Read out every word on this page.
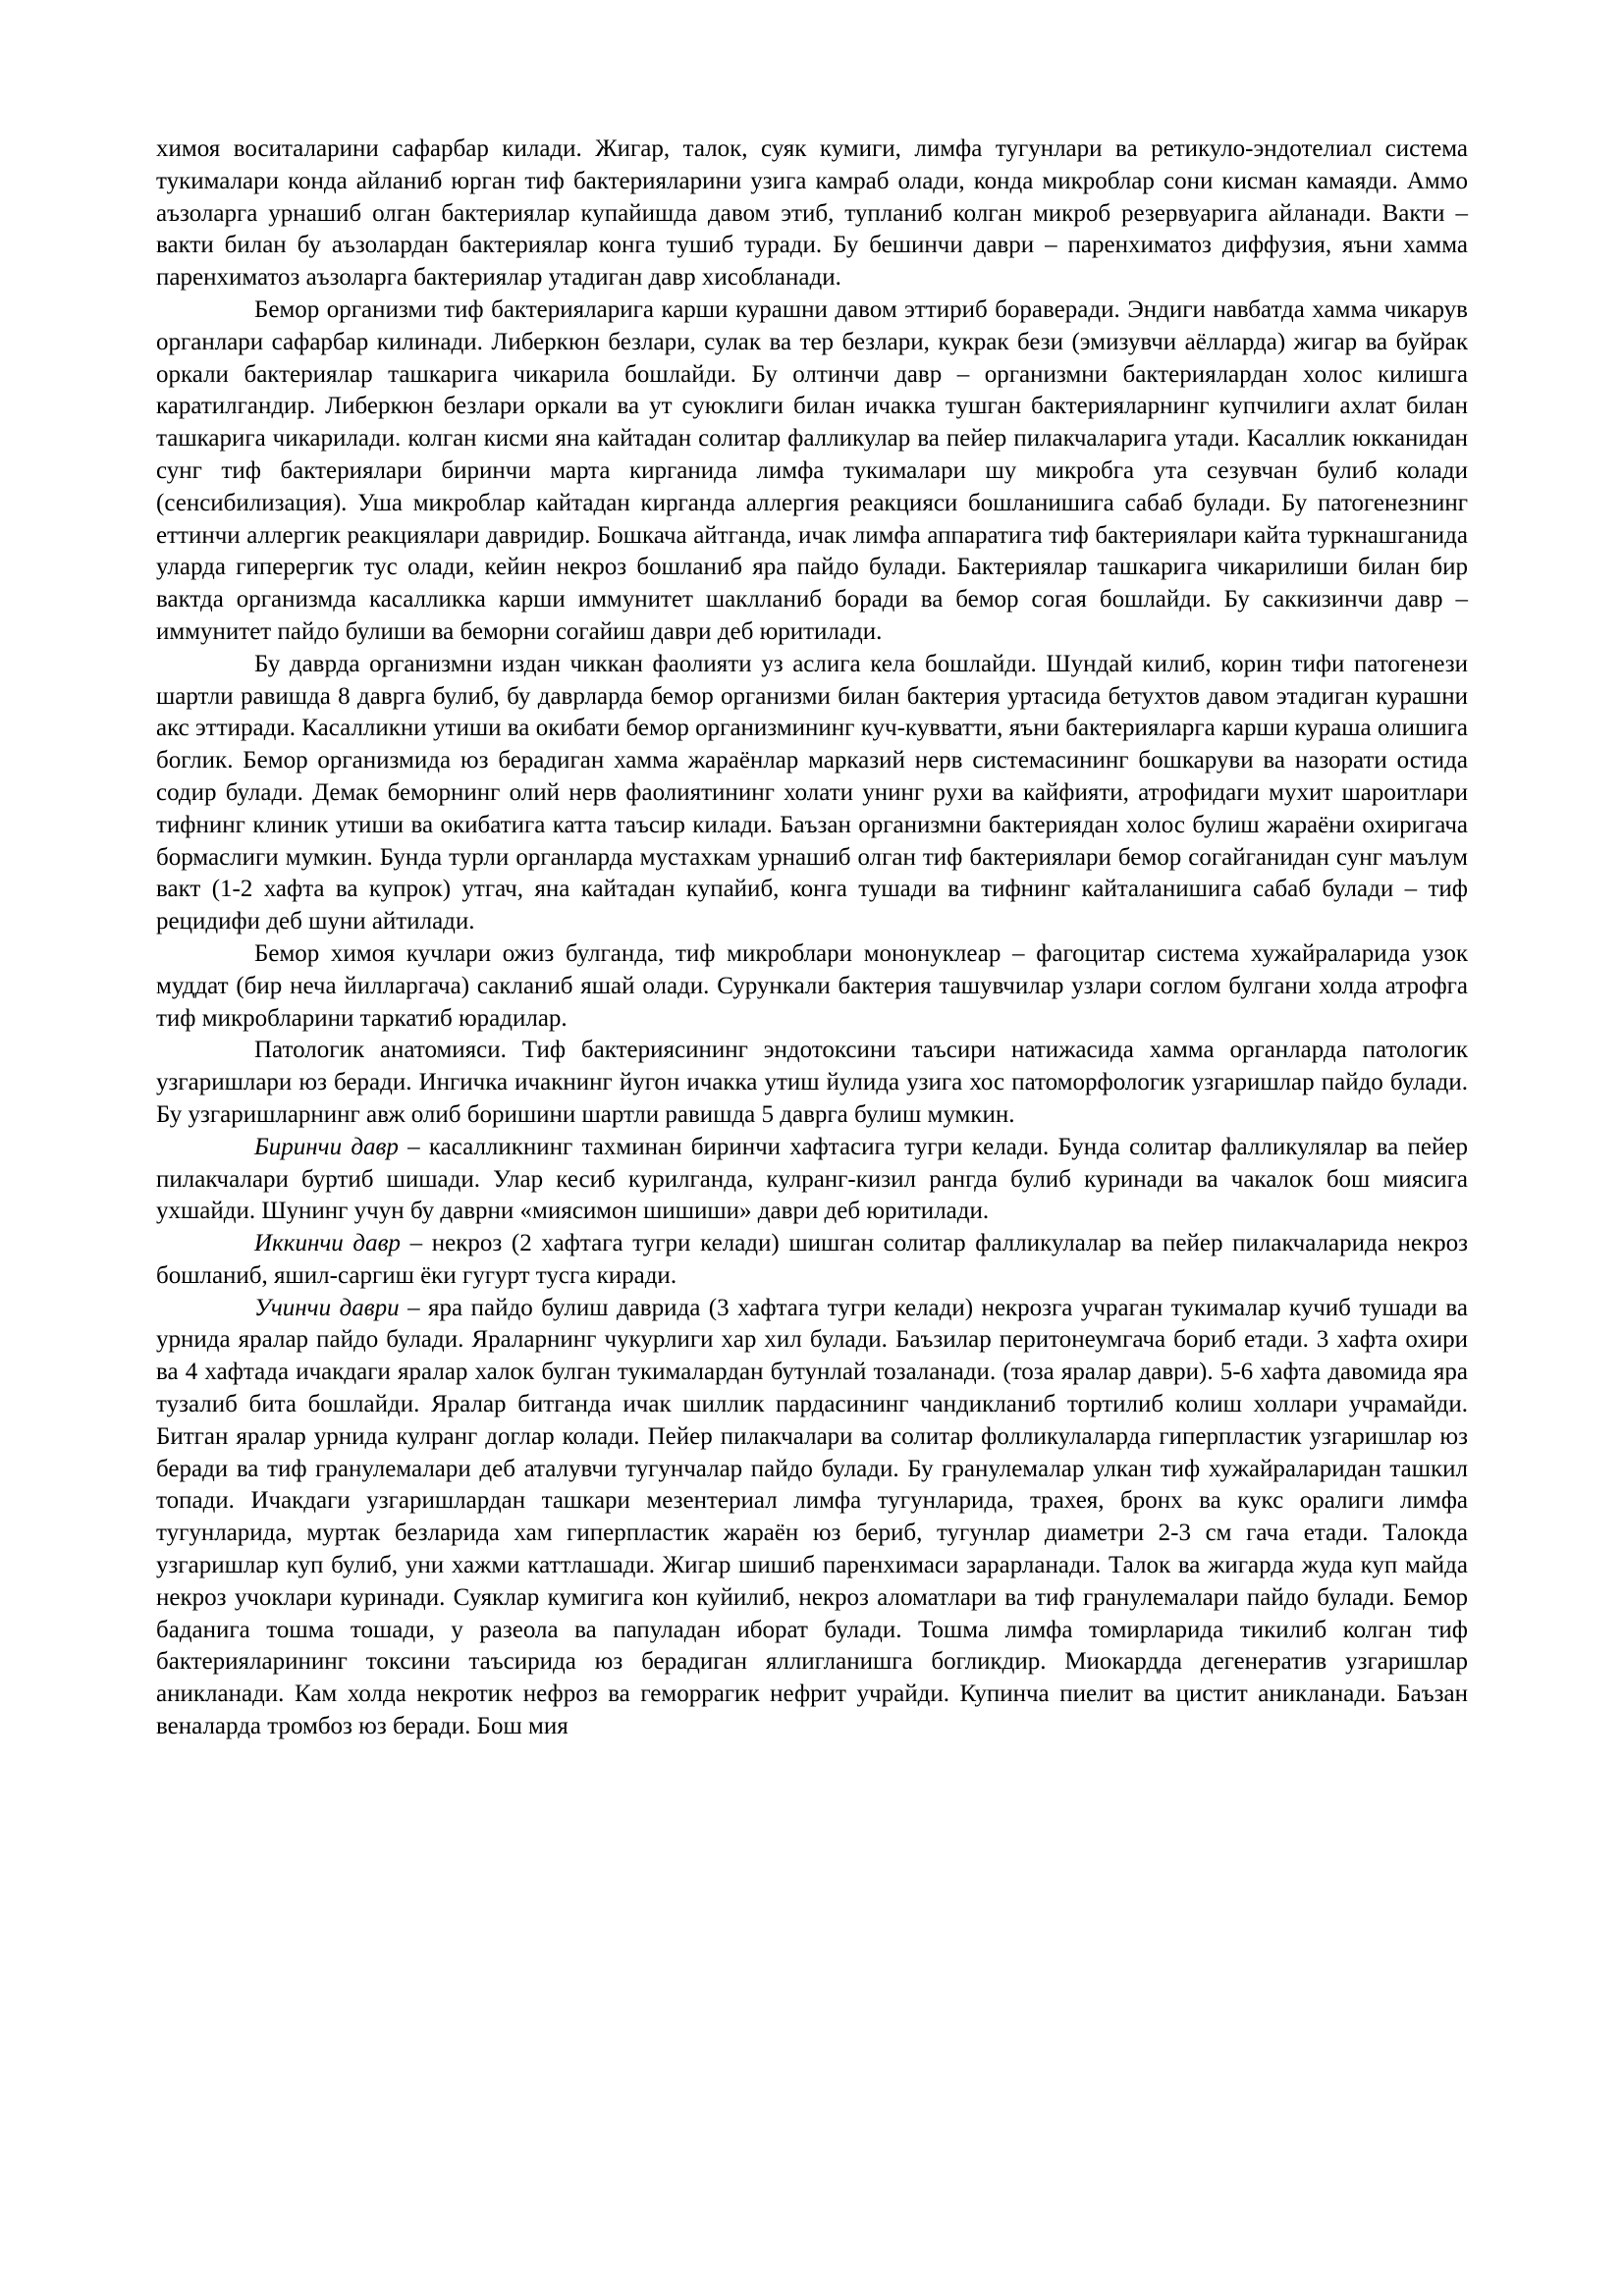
химоя воситаларини сафарбар килади. Жигар, талок, суяк кумиги, лимфа тугунлари ва ретикуло-эндотелиал система тукималари конда айланиб юрган тиф бактерияларини узига камраб олади, конда микроблар сони кисман камаяди. Аммо аъзоларга урнашиб олган бактериялар купайишда давом этиб, тупланиб колган микроб резервуарига айланади. Вакти – вакти билан бу аъзолардан бактериялар конга тушиб туради. Бу бешинчи даври – паренхиматоз диффузия, яъни хамма паренхиматоз аъзоларга бактериялар утадиган давр хисобланади.

Бемор организми тиф бактерияларига карши курашни давом эттириб бораверади. Эндиги навбатда хамма чикарув органлари сафарбар килинади. Либеркюн безлари, сулак ва тер безлари, кукрак бези (эмизувчи аёлларда) жигар ва буйрак оркали бактериялар ташкарига чикарила бошлайди. Бу олтинчи давр – организмни бактериялардан холос килишга каратилгандир. Либеркюн безлари оркали ва ут суюклиги билан ичакка тушган бактерияларнинг купчилиги ахлат билан ташкарига чикарилади. колган кисми яна кайтадан солитар фалликулар ва пейер пилакчаларига утади. Касаллик юкканидан сунг тиф бактериялари биринчи марта кирганида лимфа тукималари шу микробга ута сезувчан булиб колади (сенсибилизация). Уша микроблар кайтадан кирганда аллергия реакцияси бошланишига сабаб булади. Бу патогенезнинг еттинчи аллергик реакциялари давридир. Бошкача айтганда, ичак лимфа аппаратига тиф бактериялари кайта туркнашганида уларда гиперергик тус олади, кейин некроз бошланиб яра пайдо булади. Бактериялар ташкарига чикарилиши билан бир вактда организмда касалликка карши иммунитет шаклланиб боради ва бемор согая бошлайди. Бу саккизинчи давр –иммунитет пайдо булиши ва беморни согайиш даври деб юритилади.

Бу даврда организмни издан чиккан фаолияти уз аслига кела бошлайди. Шундай килиб, корин тифи патогенези шартли равишда 8 даврга булиб, бу даврларда бемор организми билан бактерия уртасида бетухтов давом этадиган курашни акс эттиради. Касалликни утиши ва окибати бемор организмининг куч-кувватти, яъни бактерияларга карши кураша олишига боглик. Бемор организмида юз берадиган хамма жараёнлар марказий нерв системасининг бошкаруви ва назорати остида содир булади. Демак беморнинг олий нерв фаолиятининг холати унинг рухи ва кайфияти, атрофидаги мухит шароитлари тифнинг клиник утиши ва окибатига катта таъсир килади. Баъзан организмни бактериядан холос булиш жараёни охиригача бормаслиги мумкин. Бунда турли органларда мустахкам урнашиб олган тиф бактериялари бемор согайганидан сунг маълум вакт (1-2 хафта ва купрок) утгач, яна кайтадан купайиб, конга тушади ва тифнинг кайталанишига сабаб булади – тиф рецидифи деб шуни айтилади.

Бемор химоя кучлари ожиз булганда, тиф микроблари мононуклеар – фагоцитар система хужайраларида узок муддат (бир неча йилларгача) сакланиб яшай олади. Сурункали бактерия ташувчилар узлари соглом булгани холда атрофга тиф микробларини таркатиб юрадилар.

Патологик анатомияси. Тиф бактериясининг эндотоксини таъсири натижасида хамма органларда патологик узгаришлари юз беради. Ингичка ичакнинг йугон ичакка утиш йулида узига хос патоморфологик узгаришлар пайдо булади. Бу узгаришларнинг авж олиб боришини шартли равишда 5 даврга булиш мумкин.

Биринчи давр – касалликнинг тахминан биринчи хафтасига тугри келади. Бунда солитар фалликулялар ва пейер пилакчалари буртиб шишади. Улар кесиб курилганда, кулранг-кизил рангда булиб куринади ва чакалок бош миясига ухшайди. Шунинг учун бу даврни «миясимон шишиши» даври деб юритилади.

Иккинчи давр – некроз (2 хафтага тугри келади) шишган солитар фалликулалар ва пейер пилакчаларида некроз бошланиб, яшил-саргиш ёки гугурт тусга киради.

Учинчи даври – яра пайдо булиш даврида (3 хафтага тугри келади) некрозга учраган тукималар кучиб тушади ва урнида яралар пайдо булади. Яраларнинг чукурлиги хар хил булади. Баъзилар перитонеумгача бориб етади. 3 хафта охири ва 4 хафтада ичакдаги яралар халок булган тукималардан бутунлай тозаланади. (тоза яралар даври). 5-6 хафта давомида яра тузалиб бита бошлайди. Яралар битганда ичак шиллик пардасининг чандикланиб тортилиб колиш холлари учрамайди. Битган яралар урнида кулранг доглар колади. Пейер пилакчалари ва солитар фолликулаларда гиперпластик узгаришлар юз беради ва тиф гранулемалари деб аталувчи тугунчалар пайдо булади. Бу гранулемалар улкан тиф хужайраларидан ташкил топади. Ичакдаги узгаришлардан ташкари мезентериал лимфа тугунларида, трахея, бронх ва кукс оралиги лимфа тугунларида, муртак безларида хам гиперпластик жараён юз бериб, тугунлар диаметри 2-3 см гача етади. Талокда узгаришлар куп булиб, уни хажми каттлашади. Жигар шишиб паренхимаси зарарланади. Талок ва жигарда жуда куп майда некроз учоклари куринади. Суяклар кумигига кон куйилиб, некроз аломатлари ва тиф гранулемалари пайдо булади. Бемор баданига тошма тошади, у разеола ва папуладан иборат булади. Тошма лимфа томирларида тикилиб колган тиф бактерияларининг токсини таъсирида юз берадиган яллигланишга богликдир. Миокардда дегенератив узгаришлар аникланади. Кам холда некротик нефроз ва геморрагик нефрит учрайди. Купинча пиелит ва цистит аникланади. Баъзан веналарда тромбоз юз беради. Бош мия
